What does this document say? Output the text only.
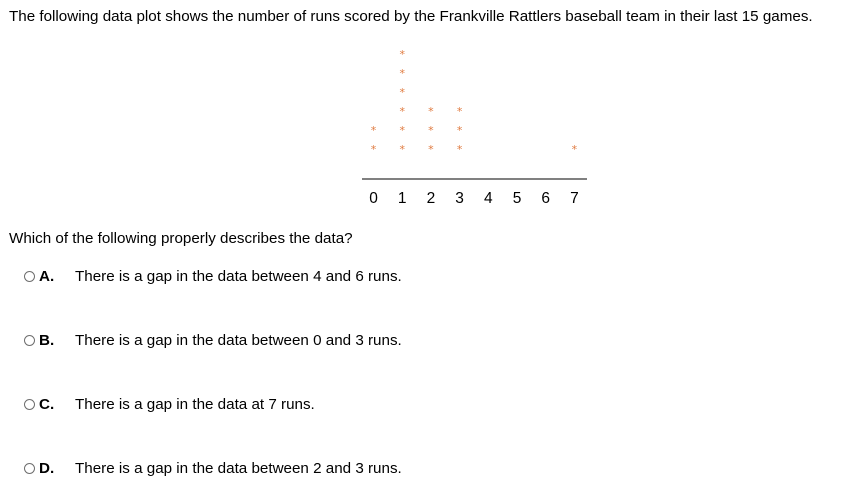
The following data plot shows the number of runs scored by the Frankville Rattlers baseball team in their last 15 games.
0 1 2 3 4 5 6 7
*
*
*
*
*
*
*
*
*
*
*
*
*
*
*
Which of the following properly describes the data?
A.	There is a gap in the data between 4 and 6 runs.
B.	There is a gap in the data between 0 and 3 runs.
C.	There is a gap in the data at 7 runs.
D.	There is a gap in the data between 2 and 3 runs.
